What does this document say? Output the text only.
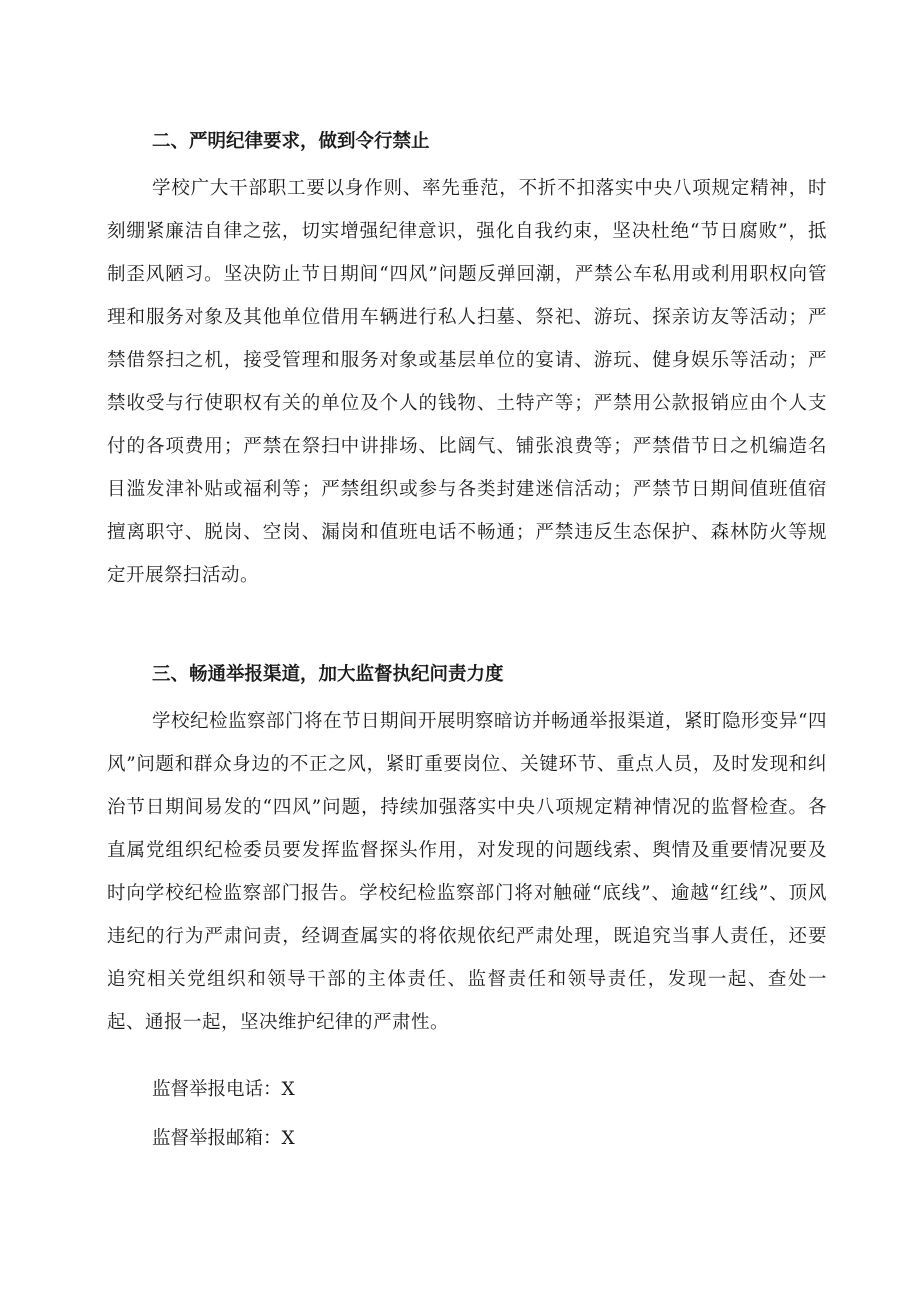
二、严明纪律要求，做到令行禁止

学校广大干部职工要以身作则、率先垂范，不折不扣落实中央八项规定精神，时刻绷紧廉洁自律之弦，切实增强纪律意识，强化自我约束，坚决杜绝“节日腐败”，抵制歪风陋习。坚决防止节日期间“四风”问题反弹回潮，严禁公车私用或利用职权向管理和服务对象及其他单位借用车辆进行私人扫墓、祭祀、游玩、探亲访友等活动；严禁借祭扫之机，接受管理和服务对象或基层单位的宴请、游玩、健身娱乐等活动；严禁收受与行使职权有关的单位及个人的钱物、土特产等；严禁用公款报销应由个人支付的各项费用；严禁在祭扫中讲排场、比阔气、铺张浪费等；严禁借节日之机编造名目滥发津补贴或福利等；严禁组织或参与各类封建迷信活动；严禁节日期间值班值宿擅离职守、脱岗、空岗、漏岗和值班电话不畅通；严禁违反生态保护、森林防火等规定开展祭扫活动。

三、畅通举报渠道，加大监督执纪问责力度

学校纪检监察部门将在节日期间开展明察暗访并畅通举报渠道，紧盯隐形变异“四风”问题和群众身边的不正之风，紧盯重要岗位、关键环节、重点人员，及时发现和纠治节日期间易发的“四风”问题，持续加强落实中央八项规定精神情况的监督检查。各直属党组织纪检委员要发挥监督探头作用，对发现的问题线索、舆情及重要情况要及时向学校纪检监察部门报告。学校纪检监察部门将对触碰“底线”、逾越“红线”、顶风违纪的行为严肃问责，经调查属实的将依规依纪严肃处理，既追究当事人责任，还要追究相关党组织和领导干部的主体责任、监督责任和领导责任，发现一起、查处一起、通报一起，坚决维护纪律的严肃性。

监督举报电话：X
监督举报邮箱：X
